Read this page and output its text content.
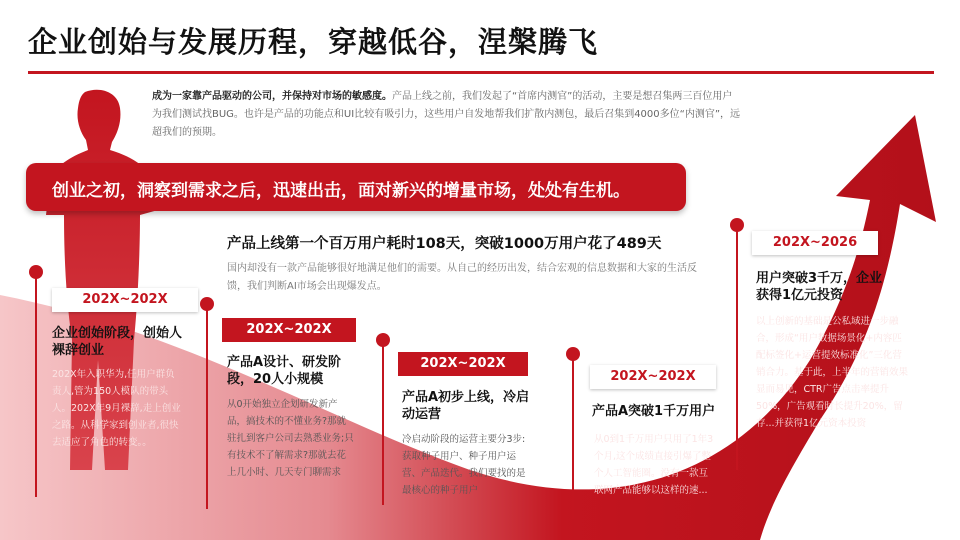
企业创始与发展历程，穿越低谷，涅槃腾飞
成为一家靠产品驱动的公司，并保持对市场的敏感度。产品上线之前，我们发起了“首席内测官”的活动，主要是想召集两三百位用户为我们测试找BUG。也许是产品的功能点和UI比较有吸引力，这些用户自发地帮我们扩散内测包，最后召集到4000多位“内测官”，远超我们的预期。
创业之初，洞察到需求之后，迅速出击，面对新兴的增量市场，处处有生机。
产品上线第一个百万用户耗时108天，突破1000万用户花了489天
国内却没有一款产品能够很好地满足他们的需要。从自己的经历出发，结合宏观的信息数据和大家的生活反馈，我们判断AI市场会出现爆发点。
202X~202X
企业创始阶段，创始人裸辞创业
202X年入职华为,任用户群负责人,管为150人模队的带头人。202X年9月裸辞,走上创业之路。从科学家到创业者,很快去适应了角色的转变。。
202X~202X
产品A设计、研发阶段，20人小规模
从0开始独立企划研发新产品，搞技术的不懂业务?那就驻扎到客户公司去熟悉业务;只有技术不了解需求?那就去花上几小时、几天专门聊需求
202X~202X
产品A初步上线，冷启动运营
冷启动阶段的运营主要分3步:获取种子用户、种子用户运营、产品迭代。我们要找的是最核心的种子用户
202X~202X
产品A突破1千万用户
从0到1千万用户只用了1年3个月,这个成绩直接引爆了整个人工智能圈。没有一款互联网产品能够以这样的速...
202X~2026
用户突破3千万，企业获得1亿元投资
以上创新的基础是公私域进一步融合，形成“用户数据场景化+内容匹配标签化+运营提效标准化”三化营销合力。基于此，上半年的营销效果显而易见，CTR广告点击率提升50%，广告观看时长提升20%，留存...并获得1亿元资本投资
